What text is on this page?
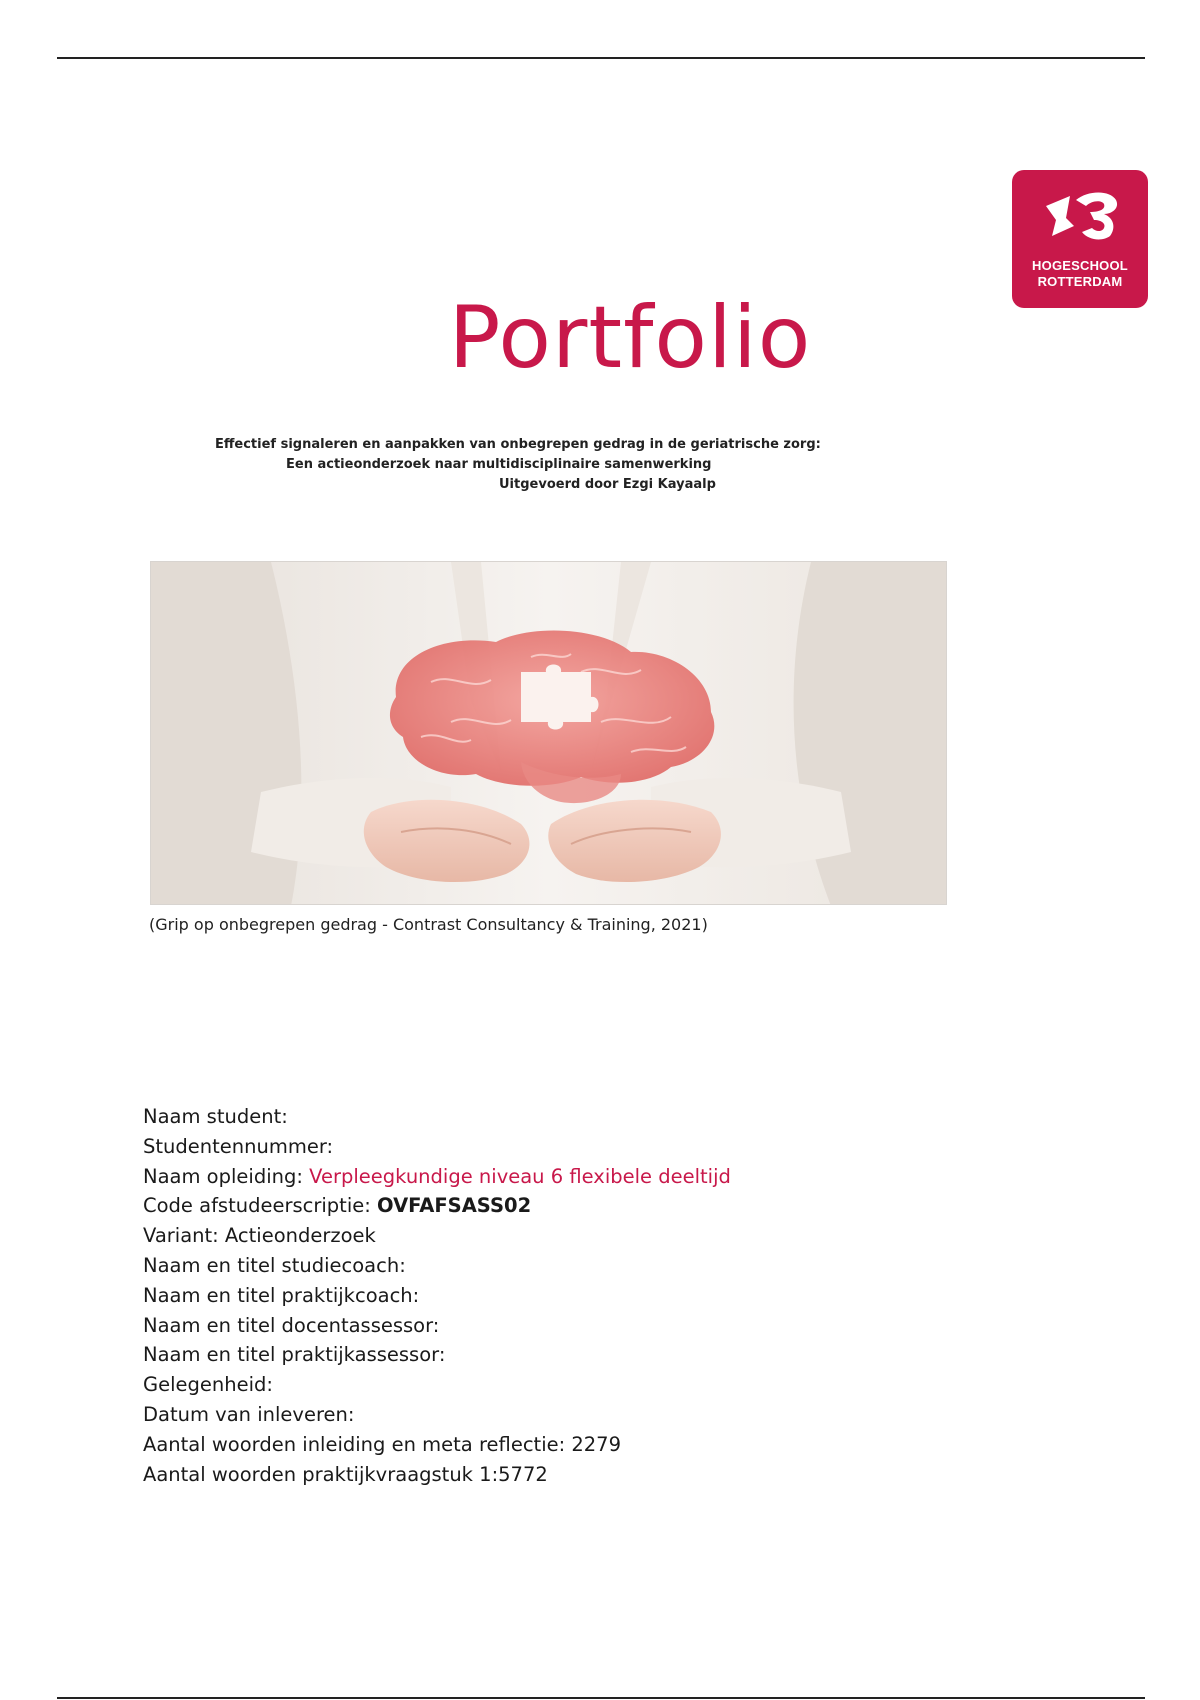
HOGESCHOOL
ROTTERDAM
Portfolio
Effectief signaleren en aanpakken van onbegrepen gedrag in de geriatrische zorg:
Een actieonderzoek naar multidisciplinaire samenwerking
Uitgevoerd door Ezgi Kayaalp
(Grip op onbegrepen gedrag - Contrast Consultancy & Training, 2021)
Naam student:
Studentennummer:
Naam opleiding: Verpleegkundige niveau 6 flexibele deeltijd
Code afstudeerscriptie: OVFAFSASS02
Variant: Actieonderzoek
Naam en titel studiecoach:
Naam en titel praktijkcoach:
Naam en titel docentassessor:
Naam en titel praktijkassessor:
Gelegenheid:
Datum van inleveren:
Aantal woorden inleiding en meta reflectie: 2279
Aantal woorden praktijkvraagstuk 1:5772
